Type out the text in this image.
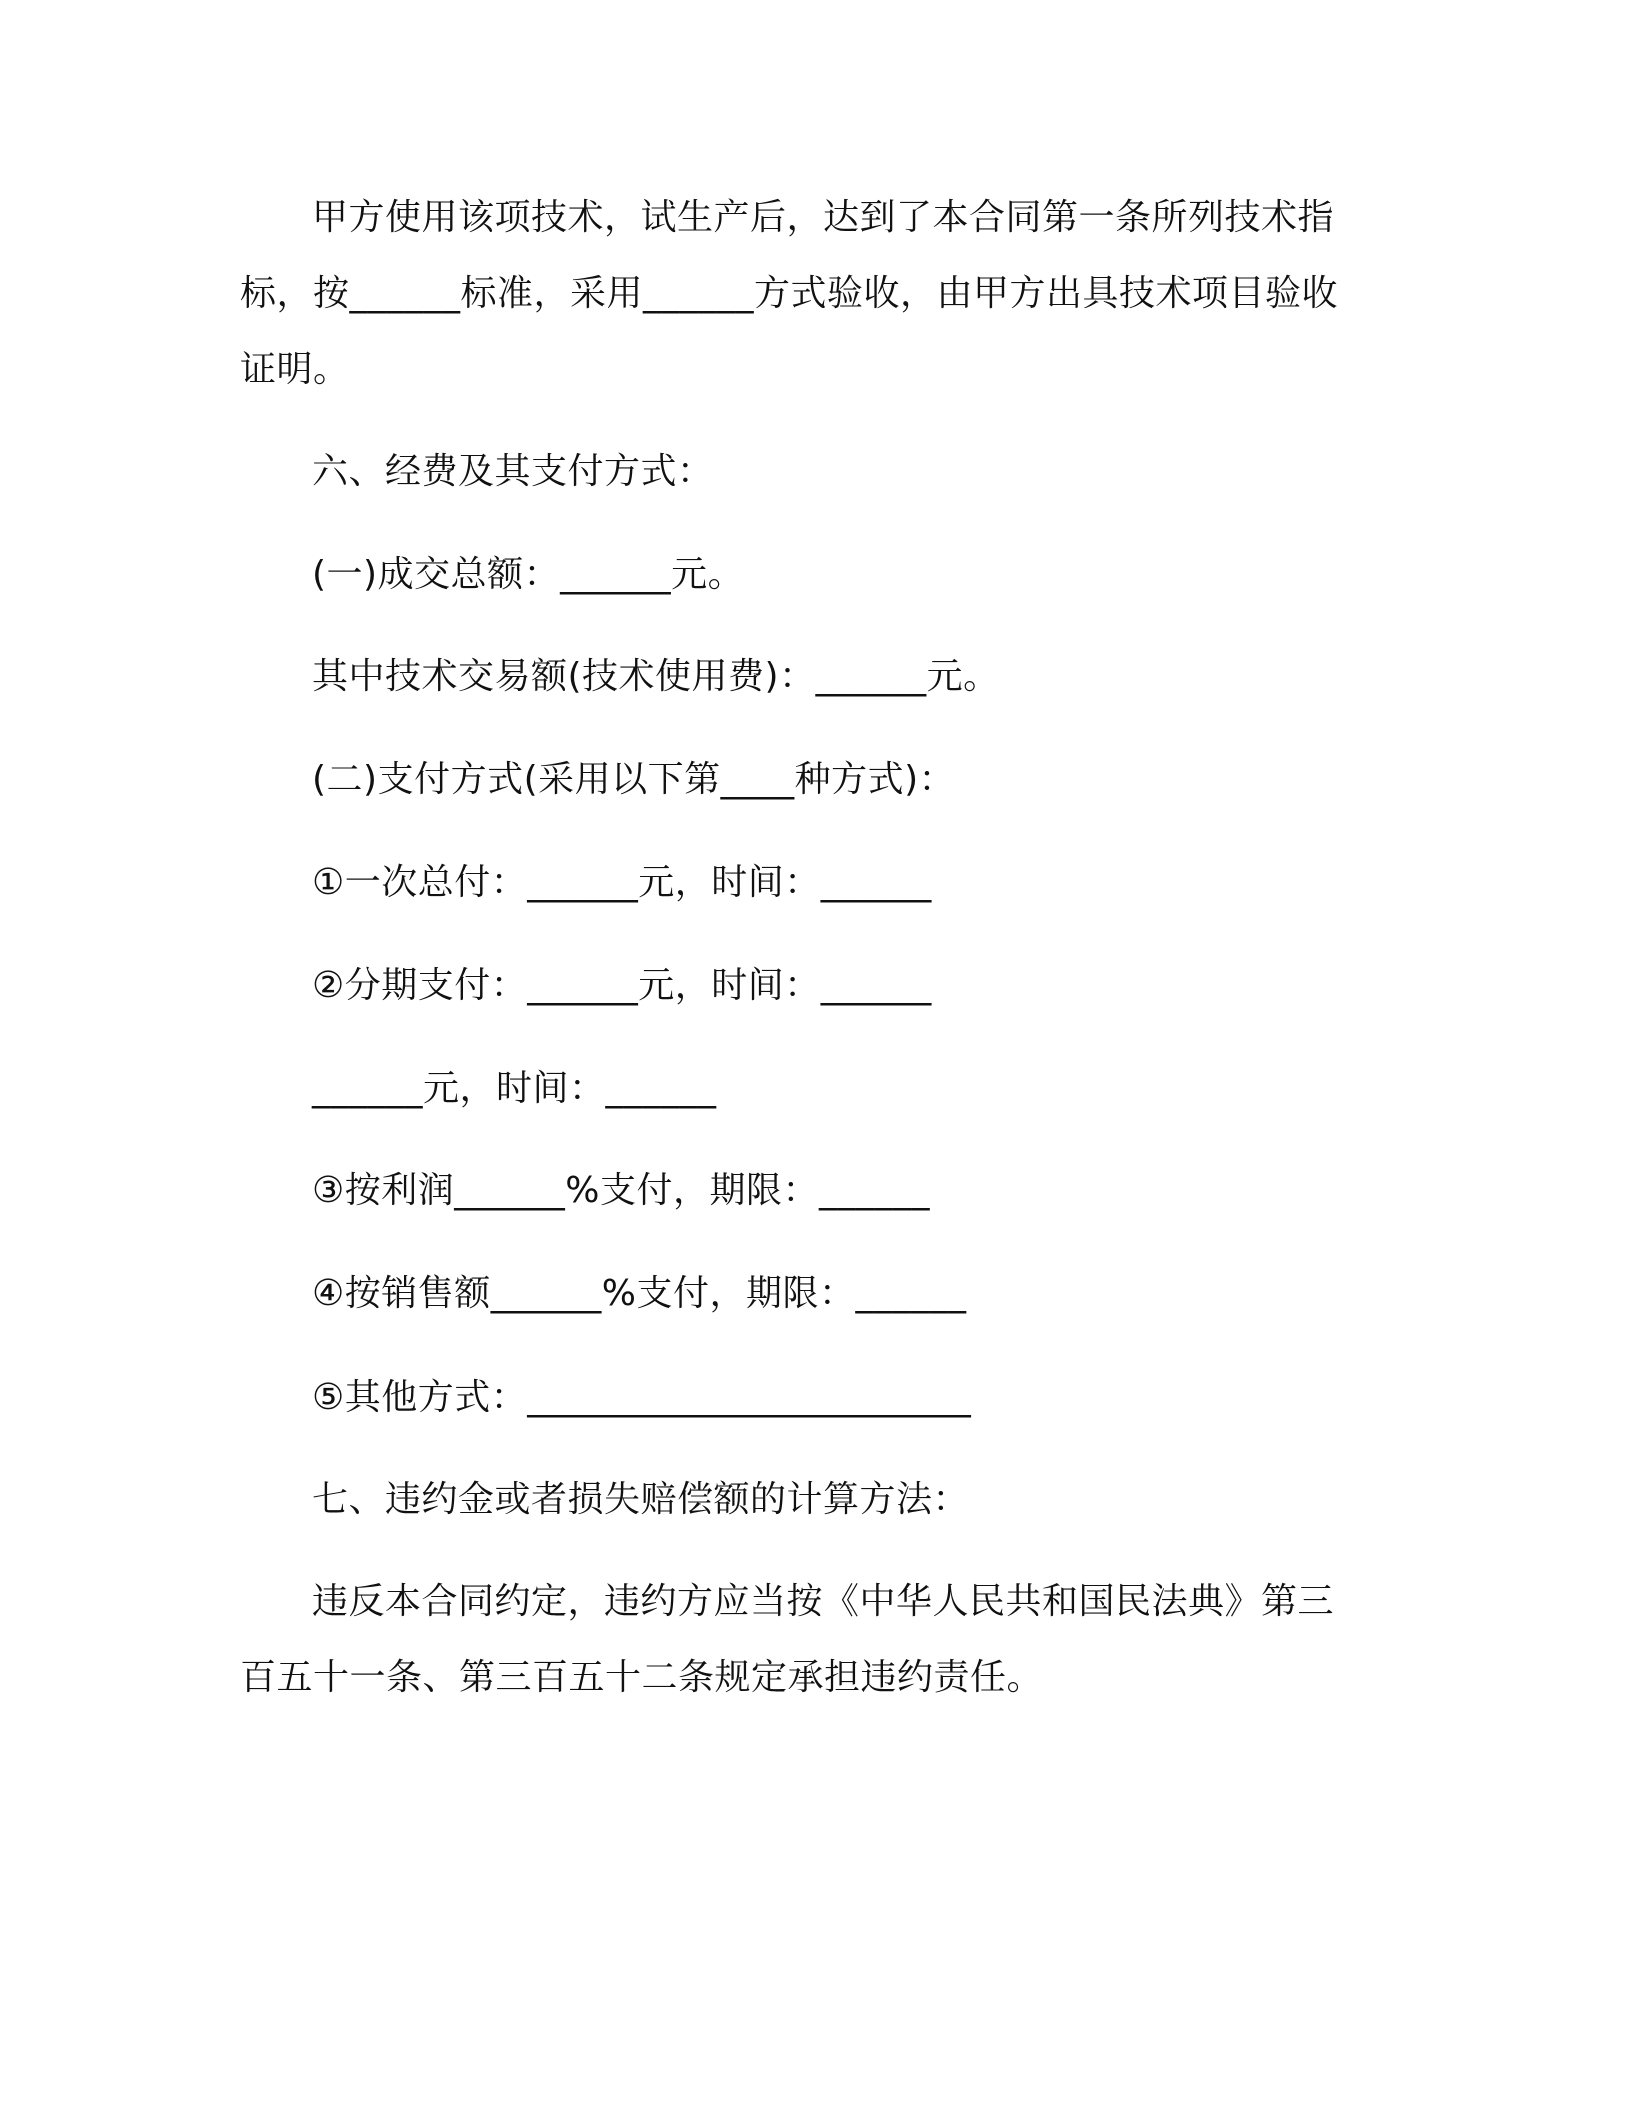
甲方使用该项技术，试生产后，达到了本合同第一条所列技术指
标，按______标准，采用______方式验收，由甲方出具技术项目验收
证明。
六、经费及其支付方式：
(一)成交总额：______元。
其中技术交易额(技术使用费)：______元。
(二)支付方式(采用以下第____种方式)：
①一次总付：______元，时间：______
②分期支付：______元，时间：______
______元，时间：______
③按利润______%支付，期限：______
④按销售额______%支付，期限：______
⑤其他方式：________________________
七、违约金或者损失赔偿额的计算方法：
违反本合同约定，违约方应当按《中华人民共和国民法典》第三
百五十一条、第三百五十二条规定承担违约责任。
